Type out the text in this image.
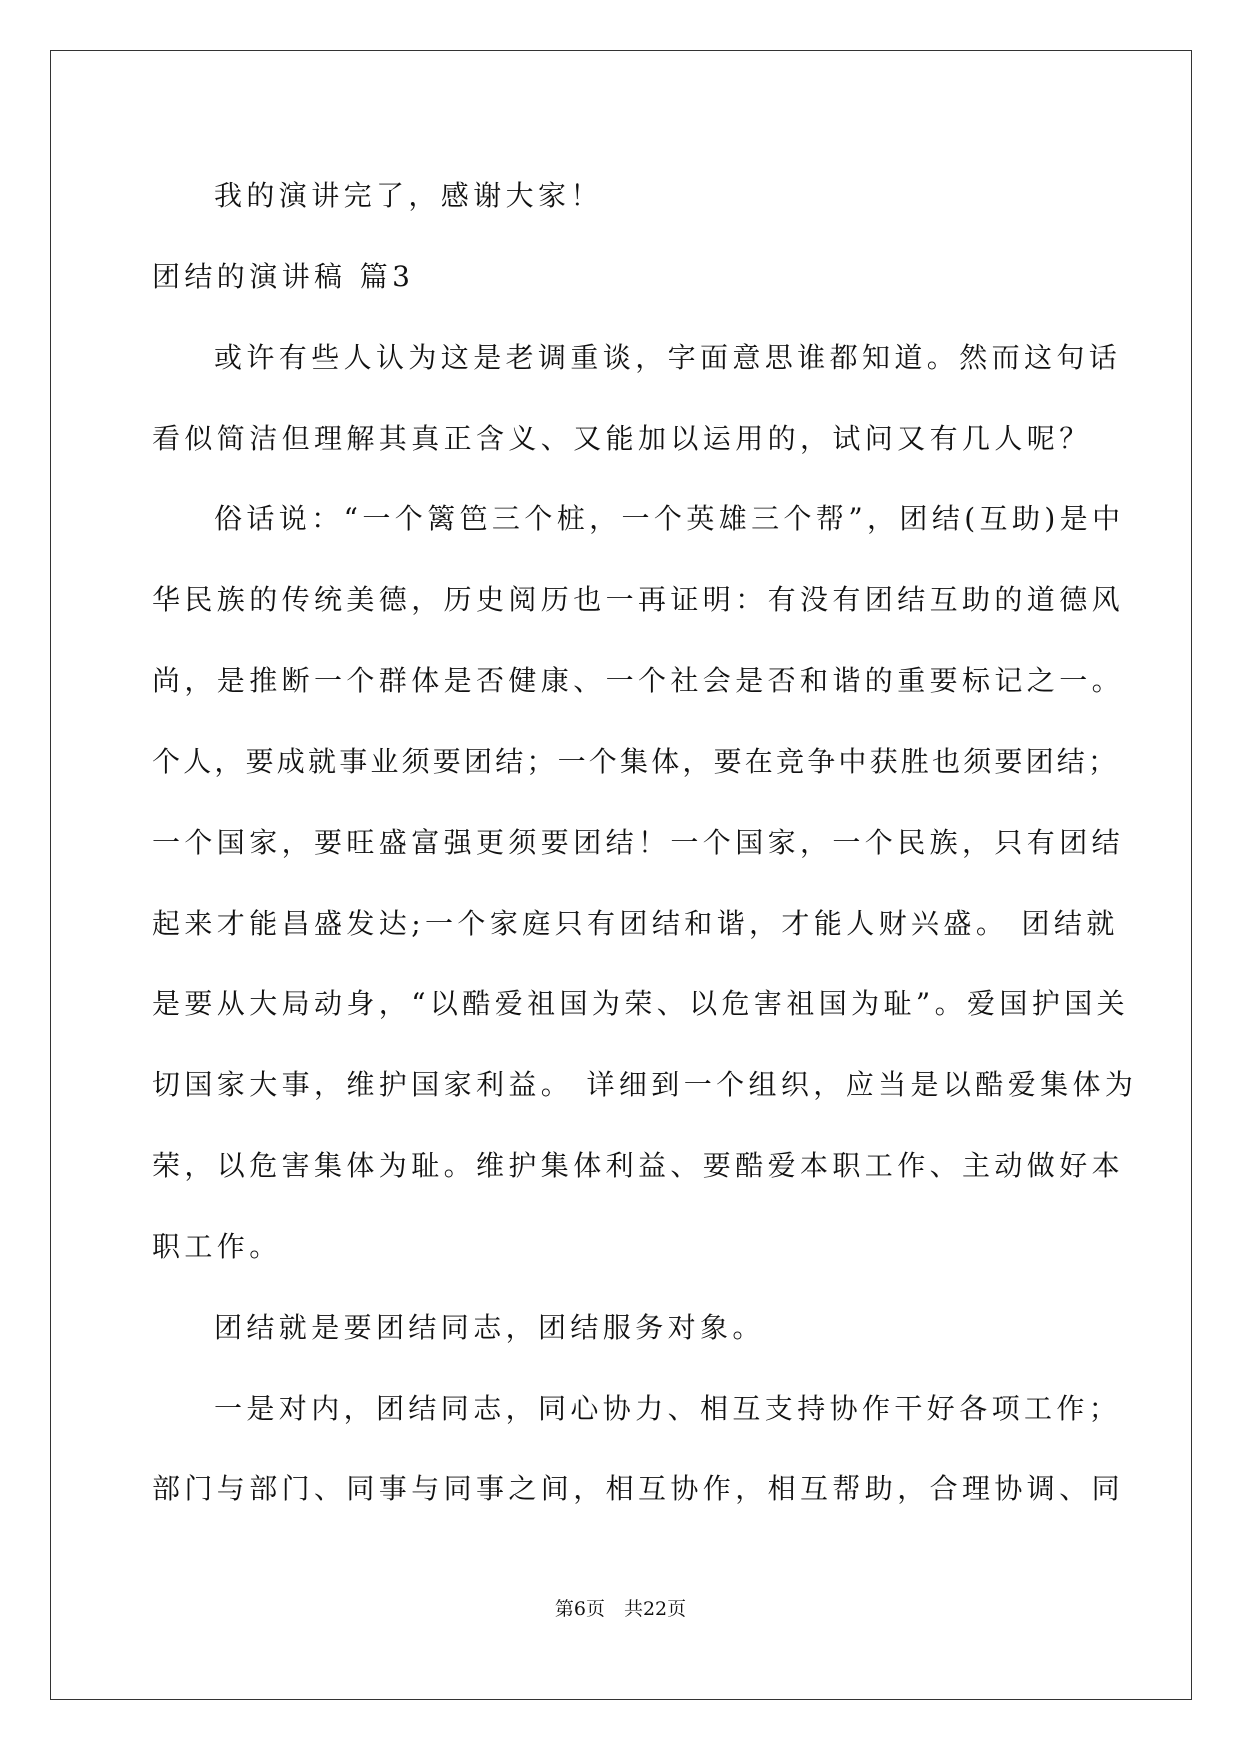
我的演讲完了，感谢大家！
团结的演讲稿 篇3
或许有些人认为这是老调重谈，字面意思谁都知道。然而这句话
看似简洁但理解其真正含义、又能加以运用的，试问又有几人呢？
俗话说：“一个篱笆三个桩，一个英雄三个帮”，团结(互助)是中
华民族的传统美德，历史阅历也一再证明：有没有团结互助的道德风
尚，是推断一个群体是否健康、一个社会是否和谐的重要标记之一。
个人，要成就事业须要团结；一个集体，要在竞争中获胜也须要团结；
一个国家，要旺盛富强更须要团结！一个国家，一个民族，只有团结
起来才能昌盛发达;一个家庭只有团结和谐，才能人财兴盛。 团结就
是要从大局动身，“以酷爱祖国为荣、以危害祖国为耻”。爱国护国关
切国家大事，维护国家利益。 详细到一个组织，应当是以酷爱集体为
荣，以危害集体为耻。维护集体利益、要酷爱本职工作、主动做好本
职工作。
团结就是要团结同志，团结服务对象。
一是对内，团结同志，同心协力、相互支持协作干好各项工作；
部门与部门、同事与同事之间，相互协作，相互帮助，合理协调、同
第6页　共22页
